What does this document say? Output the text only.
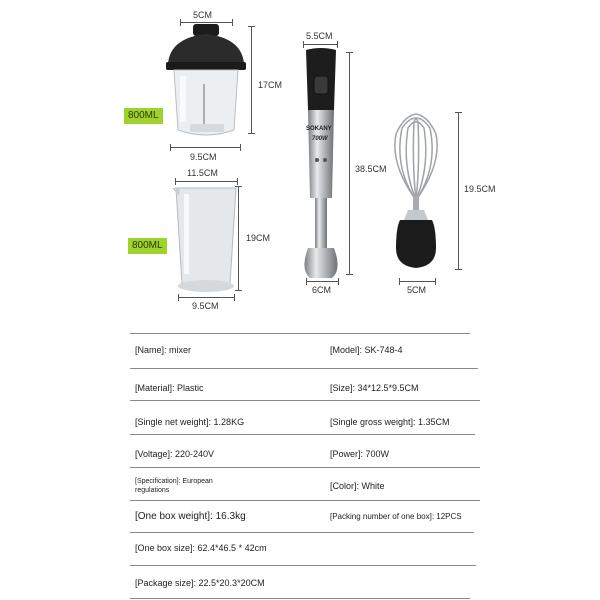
5CM
800ML
17CM
9.5CM
11.5CM
800ML
19CM
9.5CM
5.5CM
SOKANY
700W
38.5CM
6CM
19.5CM
5CM
[Name]: mixer	[Model]: SK-748-4
[Material]: Plastic	[Size]: 34*12.5*9.5CM
[Single net weight]: 1.28KG	[Single gross weight]: 1.35CM
[Voltage]: 220-240V	[Power]: 700W
[Specification]: European regulations	[Color]: White
[One box weight]: 16.3kg	[Packing number of one box]: 12PCS
[One box size]: 62.4*46.5 * 42cm
[Package size]: 22.5*20.3*20CM
